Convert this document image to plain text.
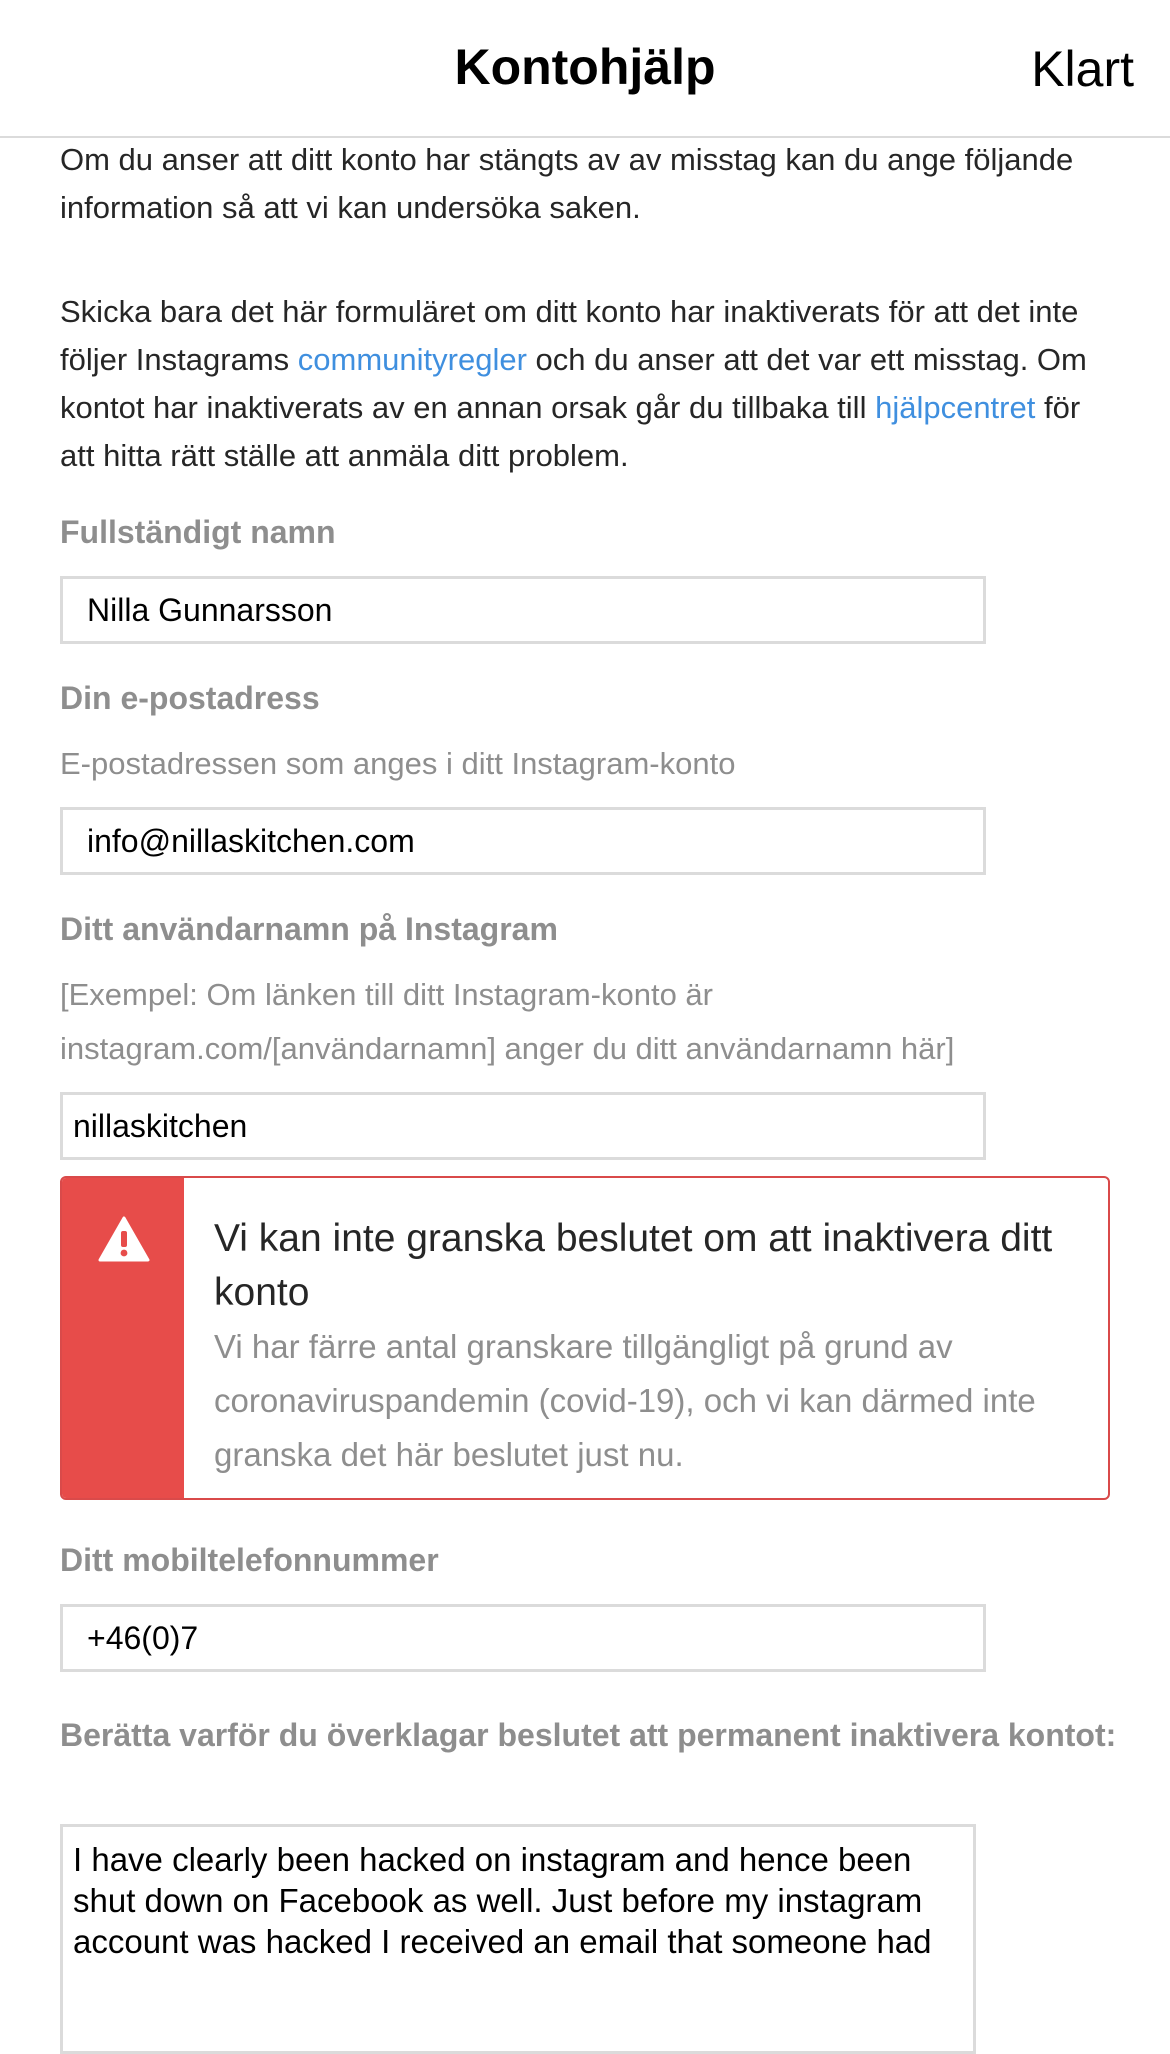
Kontohjälp	Klart

Om du anser att ditt konto har stängts av av misstag kan du ange följande information så att vi kan undersöka saken.

Skicka bara det här formuläret om ditt konto har inaktiverats för att det inte följer Instagrams communityregler och du anser att det var ett misstag. Om kontot har inaktiverats av en annan orsak går du tillbaka till hjälpcentret för att hitta rätt ställe att anmäla ditt problem.

Fullständigt namn
Nilla Gunnarsson
Din e-postadress
E-postadressen som anges i ditt Instagram-konto
info@nillaskitchen.com
Ditt användarnamn på Instagram
[Exempel: Om länken till ditt Instagram-konto är instagram.com/[användarnamn] anger du ditt användarnamn här]
nillaskitchen
Vi kan inte granska beslutet om att inaktivera ditt konto
Vi har färre antal granskare tillgängligt på grund av coronaviruspandemin (covid-19), och vi kan därmed inte granska det här beslutet just nu.
Ditt mobiltelefonnummer
+46(0)7
Berätta varför du överklagar beslutet att permanent inaktivera kontot:
I have clearly been hacked on instagram and hence been shut down on Facebook as well. Just before my instagram account was hacked I received an email that someone had
